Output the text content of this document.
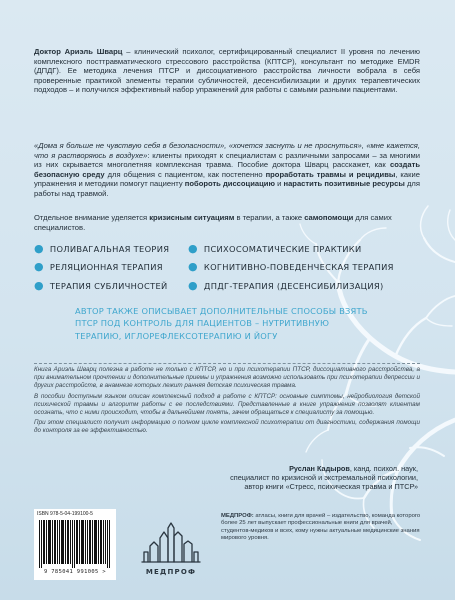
Доктор Ариэль Шварц – клинический психолог, сертифицированный специалист II уровня по лечению комплексного посттравматического стрессового расстройства (КПТСР), консультант по методике EMDR (ДПДГ). Ее методика лечения ПТСР и диссоциативного расстройства личности вобрала в себя проверенные практикой элементы терапии субличностей, десенсибилизации и других терапевтических подходов – и получился эффективный набор упражнений для работы с самыми разными пациентами.

«Дома я больше не чувствую себя в безопасности», «хочется заснуть и не проснуться», «мне кажется, что я растворяюсь в воздухе»: клиенты приходят к специалистам с различными запросами – за многими из них скрывается многолетняя комплексная травма. Пособие доктора Шварц расскажет, как создать безопасную среду для общения с пациентом, как постепенно проработать травмы и рецидивы, какие упражнения и методики помогут пациенту побороть диссоциацию и нарастить позитивные ресурсы для работы над травмой.

Отдельное внимание уделяется кризисным ситуациям в терапии, а также самопомощи для самих специалистов.

● ПОЛИВАГАЛЬНАЯ ТЕОРИЯ ● ПСИХОСОМАТИЧЕСКИЕ ПРАКТИКИ
● РЕЛЯЦИОННАЯ ТЕРАПИЯ ● КОГНИТИВНО-ПОВЕДЕНЧЕСКАЯ ТЕРАПИЯ
● ТЕРАПИЯ СУБЛИЧНОСТЕЙ ● ДПДГ-ТЕРАПИЯ (ДЕСЕНСИБИЛИЗАЦИЯ)

АВТОР ТАКЖЕ ОПИСЫВАЕТ ДОПОЛНИТЕЛЬНЫЕ СПОСОБЫ ВЗЯТЬ ПТСР ПОД КОНТРОЛЬ ДЛЯ ПАЦИЕНТОВ – НУТРИТИВНУЮ ТЕРАПИЮ, ИГЛОРЕФЛЕКСОТЕРАПИЮ И ЙОГУ

Книга Ариэль Шварц полезна в работе не только с КПТСР, но и при психотерапии ПТСР, диссоциативного расстройства, а при внимательном прочтении и дополнительные приемы и упражнения возможно использовать при психотерапии депрессии и других расстройств, в анамнезе которых лежит ранняя детская психическая травма.

В пособии доступным языком описан комплексный подход в работе с КПТСР: основные симптомы, нейробиология детской психической травмы и алгоритм работы с ее последствиями. Представленные в книге упражнения позволят клиентам осознать, что с ними происходит, чтобы в дальнейшем понять, зачем обращаться к специалисту за помощью.

При этом специалист получит информацию о полном цикле комплексной психотерапии от диагностики, содержания помощи до контроля за ее эффективностью.

Руслан Кадыров, канд. психол. наук,
специалист по кризисной и экстремальной психологии,
автор книги «Стресс, психическая травма и ПТСР»

ISBN 978-5-04-199100-5
9 785041 991005 >	МЕДПРОФ

МЕДПРОФ: атласы, книги для врачей – издательство, команда которого более 25 лет выпускает профессиональные книги для врачей, студентов-медиков и всех, кому нужны актуальные медицинские знания мирового уровня.
